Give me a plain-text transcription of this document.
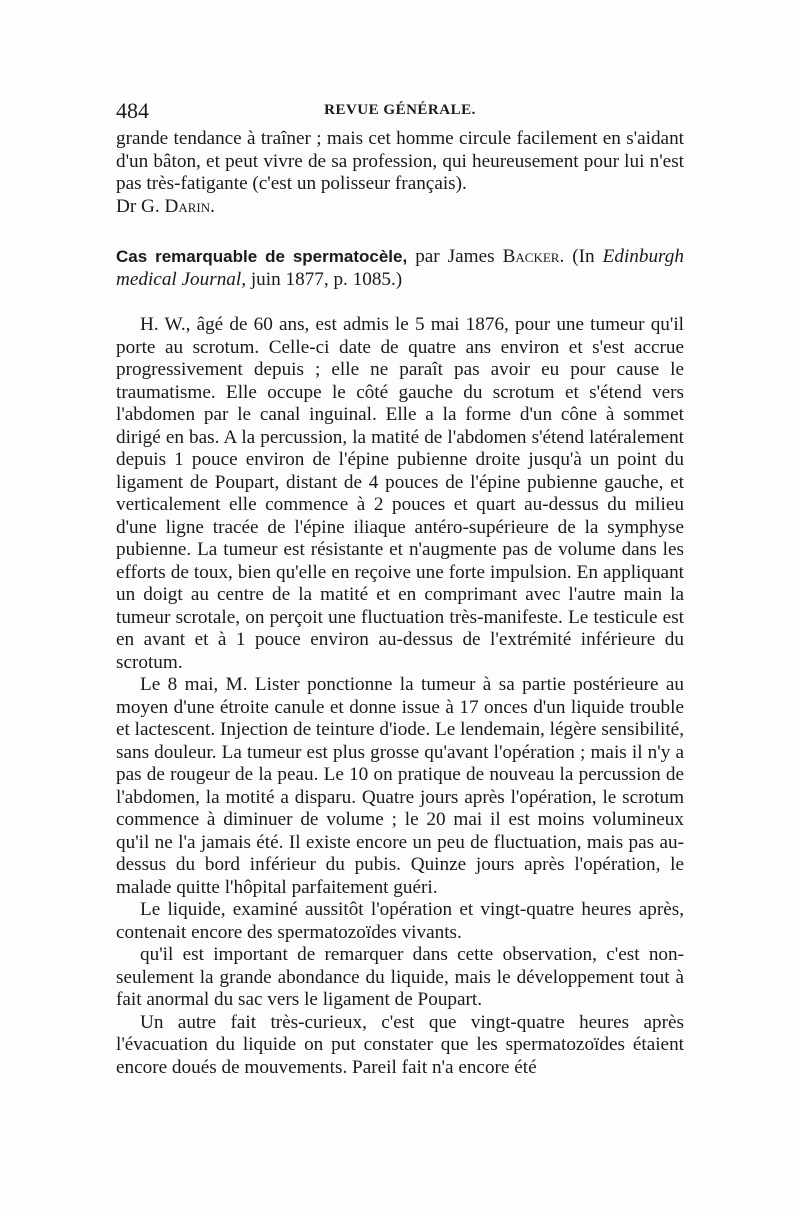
484	REVUE GÉNÉRALE.

grande tendance à traîner ; mais cet homme circule facilement en s'aidant d'un bâton, et peut vivre de sa profession, qui heureusement pour lui n'est pas très-fatigante (c'est un polisseur français).

Dr G. Darin.

Cas remarquable de spermatocèle, par James Backer. (In Edinburgh medical Journal, juin 1877, p. 1085.)

H. W., âgé de 60 ans, est admis le 5 mai 1876, pour une tumeur qu'il porte au scrotum. Celle-ci date de quatre ans environ et s'est accrue progressivement depuis ; elle ne paraît pas avoir eu pour cause le traumatisme. Elle occupe le côté gauche du scrotum et s'étend vers l'abdomen par le canal inguinal. Elle a la forme d'un cône à sommet dirigé en bas. A la percussion, la matité de l'abdomen s'étend latéralement depuis 1 pouce environ de l'épine pubienne droite jusqu'à un point du ligament de Poupart, distant de 4 pouces de l'épine pubienne gauche, et verticalement elle commence à 2 pouces et quart au-dessus du milieu d'une ligne tracée de l'épine iliaque antéro-supérieure de la symphyse pubienne. La tumeur est résistante et n'augmente pas de volume dans les efforts de toux, bien qu'elle en reçoive une forte impulsion. En appliquant un doigt au centre de la matité et en comprimant avec l'autre main la tumeur scrotale, on perçoit une fluctuation très-manifeste. Le testicule est en avant et à 1 pouce environ au-dessus de l'extrémité inférieure du scrotum.

Le 8 mai, M. Lister ponctionne la tumeur à sa partie postérieure au moyen d'une étroite canule et donne issue à 17 onces d'un liquide trouble et lactescent. Injection de teinture d'iode. Le lendemain, légère sensibilité, sans douleur. La tumeur est plus grosse qu'avant l'opération ; mais il n'y a pas de rougeur de la peau. Le 10 on pratique de nouveau la percussion de l'abdomen, la motité a disparu. Quatre jours après l'opération, le scrotum commence à diminuer de volume ; le 20 mai il est moins volumineux qu'il ne l'a jamais été. Il existe encore un peu de fluctuation, mais pas au-dessus du bord inférieur du pubis. Quinze jours après l'opération, le malade quitte l'hôpital parfaitement guéri.

Le liquide, examiné aussitôt l'opération et vingt-quatre heures après, contenait encore des spermatozoïdes vivants.

qu'il est important de remarquer dans cette observation, c'est non-seulement la grande abondance du liquide, mais le développement tout à fait anormal du sac vers le ligament de Poupart.

Un autre fait très-curieux, c'est que vingt-quatre heures après l'évacuation du liquide on put constater que les spermatozoïdes étaient encore doués de mouvements. Pareil fait n'a encore été
